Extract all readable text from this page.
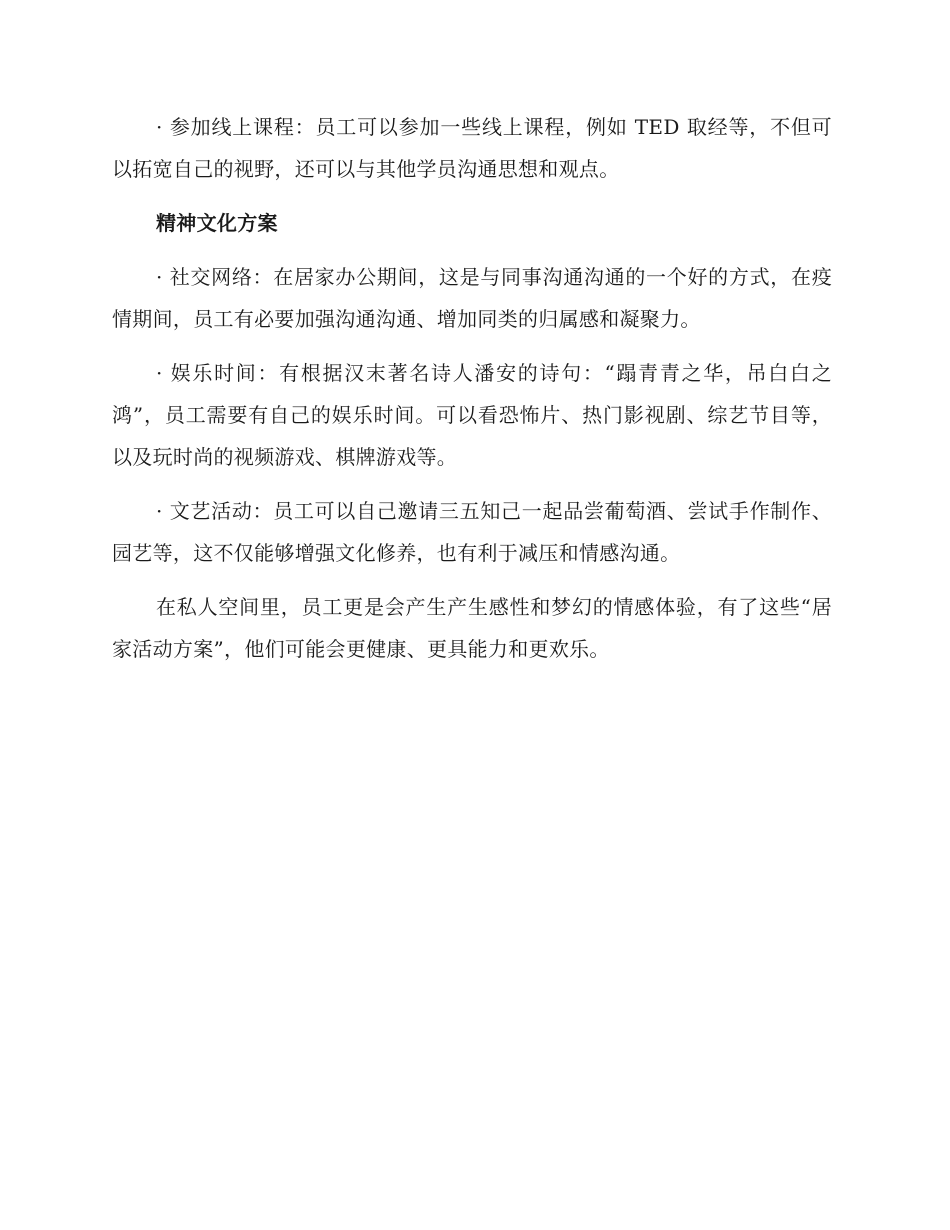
· 参加线上课程：员工可以参加一些线上课程，例如 TED 取经等，不但可以拓宽自己的视野，还可以与其他学员沟通思想和观点。

精神文化方案

· 社交网络：在居家办公期间，这是与同事沟通沟通的一个好的方式，在疫情期间，员工有必要加强沟通沟通、增加同类的归属感和凝聚力。

· 娱乐时间：有根据汉末著名诗人潘安的诗句：“蹋青青之华，吊白白之鸿”，员工需要有自己的娱乐时间。可以看恐怖片、热门影视剧、综艺节目等，以及玩时尚的视频游戏、棋牌游戏等。

· 文艺活动：员工可以自己邀请三五知己一起品尝葡萄酒、尝试手作制作、园艺等，这不仅能够增强文化修养，也有利于减压和情感沟通。

在私人空间里，员工更是会产生产生感性和梦幻的情感体验，有了这些“居家活动方案”，他们可能会更健康、更具能力和更欢乐。
